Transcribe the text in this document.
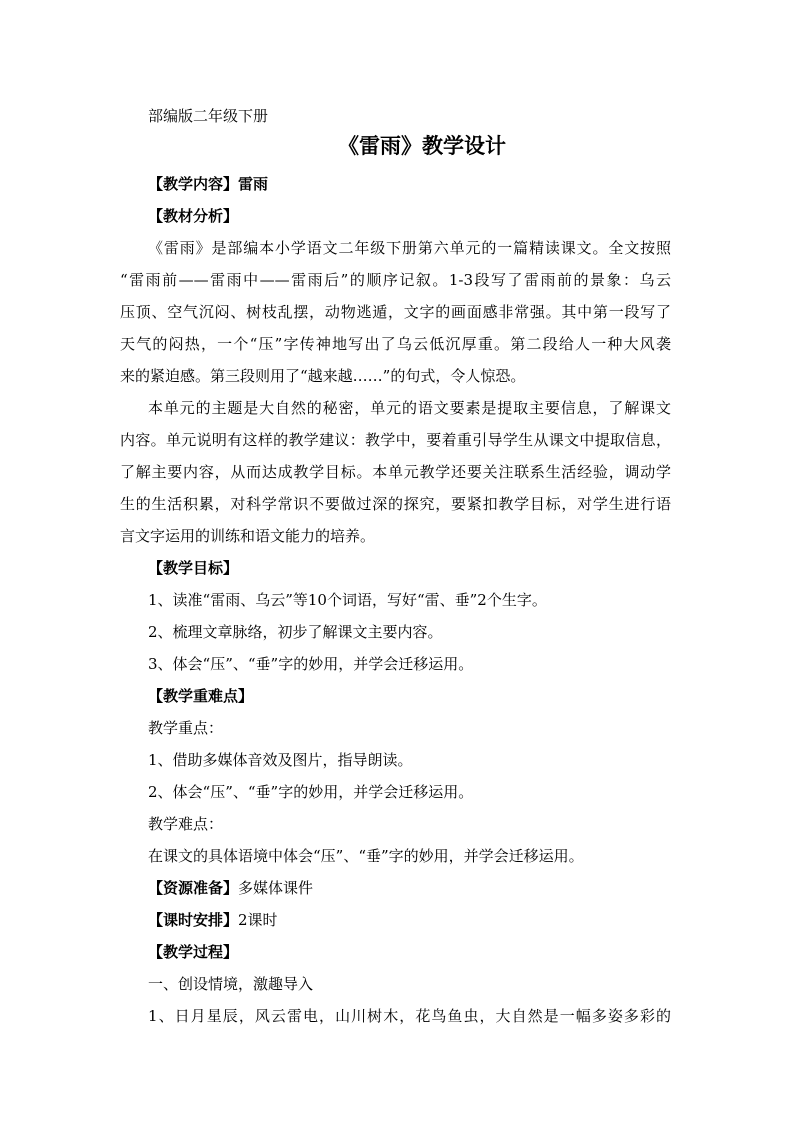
部编版二年级下册
《雷雨》教学设计
【教学内容】雷雨
【教材分析】
《雷雨》是部编本小学语文二年级下册第六单元的一篇精读课文。全文按照
“雷雨前——雷雨中——雷雨后”的顺序记叙。1-3段写了雷雨前的景象：乌云
压顶、空气沉闷、树枝乱摆，动物逃遁，文字的画面感非常强。其中第一段写了
天气的闷热，一个“压”字传神地写出了乌云低沉厚重。第二段给人一种大风袭
来的紧迫感。第三段则用了“越来越……”的句式，令人惊恐。
本单元的主题是大自然的秘密，单元的语文要素是提取主要信息，了解课文
内容。单元说明有这样的教学建议：教学中，要着重引导学生从课文中提取信息，
了解主要内容，从而达成教学目标。本单元教学还要关注联系生活经验，调动学
生的生活积累，对科学常识不要做过深的探究，要紧扣教学目标，对学生进行语
言文字运用的训练和语文能力的培养。
【教学目标】
1、读准“雷雨、乌云”等10个词语，写好“雷、垂”2个生字。
2、梳理文章脉络，初步了解课文主要内容。
3、体会“压”、“垂”字的妙用，并学会迁移运用。
【教学重难点】
教学重点：
1、借助多媒体音效及图片，指导朗读。
2、体会“压”、“垂”字的妙用，并学会迁移运用。
教学难点：
在课文的具体语境中体会“压”、“垂”字的妙用，并学会迁移运用。
【资源准备】多媒体课件
【课时安排】2课时
【教学过程】
一、创设情境，激趣导入
1、日月星辰，风云雷电，山川树木，花鸟鱼虫，大自然是一幅多姿多彩的
